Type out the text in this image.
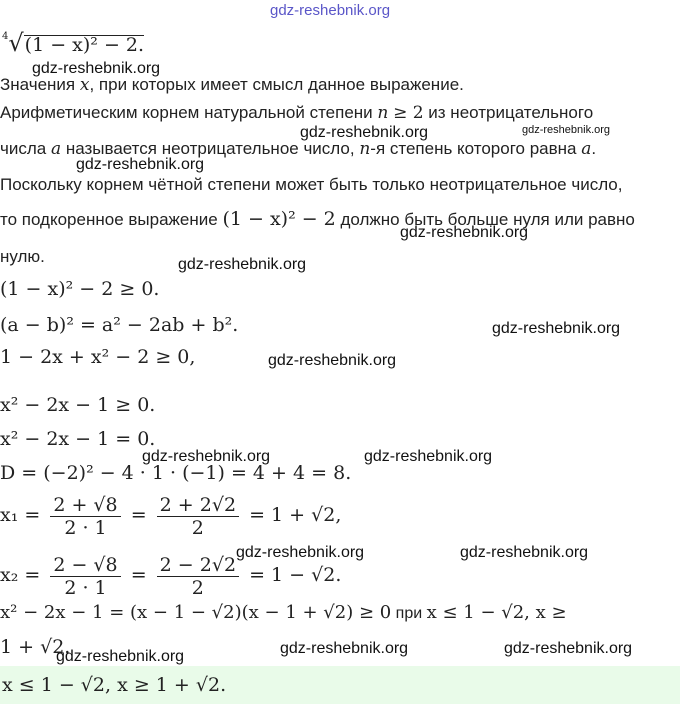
gdz-reshebnik.org
$^4$√(1 − x)² − 2.
gdz-reshebnik.org
Значения x, при которых имеет смысл данное выражение.
Арифметическим корнем натуральной степени n ≥ 2 из неотрицательного
gdz-reshebnik.org	gdz-reshebnik.org
числа a называется неотрицательное число, n-я степень которого равна a.
gdz-reshebnik.org
Поскольку корнем чётной степени может быть только неотрицательное число,
то подкоренное выражение (1 − x)² − 2 должно быть больше нуля или равно
gdz-reshebnik.org
нулю.	gdz-reshebnik.org
(1 − x)² − 2 ≥ 0.
(a − b)² = a² − 2ab + b².	gdz-reshebnik.org
1 − 2x + x² − 2 ≥ 0,	gdz-reshebnik.org
x² − 2x − 1 ≥ 0.
x² − 2x − 1 = 0.
gdz-reshebnik.org	gdz-reshebnik.org
D = (−2)² − 4 · 1 · (−1) = 4 + 4 = 8.
$x_1 = \frac{2 + √8}{2 \cdot 1} = \frac{2 + 2√2}{2} = 1 + √2$,
gdz-reshebnik.org	gdz-reshebnik.org
$x_2 = \frac{2 - √8}{2 \cdot 1} = \frac{2 - 2√2}{2} = 1 - √2$.
x² − 2x − 1 = (x − 1 − √2)(x − 1 + √2) ≥ 0 при x ≤ 1 − √2, x ≥
1 + √2.
gdz-reshebnik.org	gdz-reshebnik.org	gdz-reshebnik.org
x ≤ 1 − √2, x ≥ 1 + √2.
